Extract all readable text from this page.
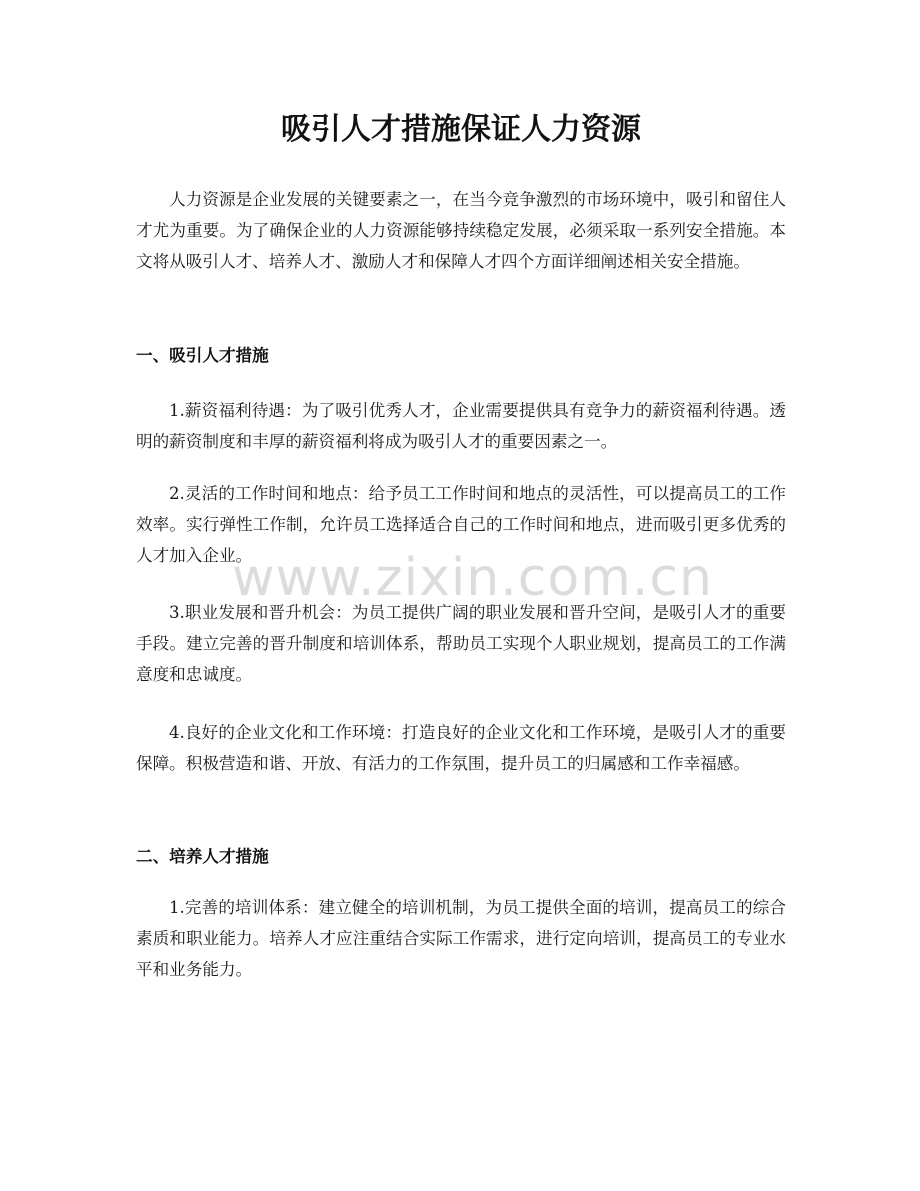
吸引人才措施保证人力资源

人力资源是企业发展的关键要素之一，在当今竞争激烈的市场环境中，吸引和留住人才尤为重要。为了确保企业的人力资源能够持续稳定发展，必须采取一系列安全措施。本文将从吸引人才、培养人才、激励人才和保障人才四个方面详细阐述相关安全措施。

一、吸引人才措施

1.薪资福利待遇：为了吸引优秀人才，企业需要提供具有竞争力的薪资福利待遇。透明的薪资制度和丰厚的薪资福利将成为吸引人才的重要因素之一。

2.灵活的工作时间和地点：给予员工工作时间和地点的灵活性，可以提高员工的工作效率。实行弹性工作制，允许员工选择适合自己的工作时间和地点，进而吸引更多优秀的人才加入企业。

3.职业发展和晋升机会：为员工提供广阔的职业发展和晋升空间，是吸引人才的重要手段。建立完善的晋升制度和培训体系，帮助员工实现个人职业规划，提高员工的工作满意度和忠诚度。

4.良好的企业文化和工作环境：打造良好的企业文化和工作环境，是吸引人才的重要保障。积极营造和谐、开放、有活力的工作氛围，提升员工的归属感和工作幸福感。

二、培养人才措施

1.完善的培训体系：建立健全的培训机制，为员工提供全面的培训，提高员工的综合素质和职业能力。培养人才应注重结合实际工作需求，进行定向培训，提高员工的专业水平和业务能力。

www.zixin.com.cn
